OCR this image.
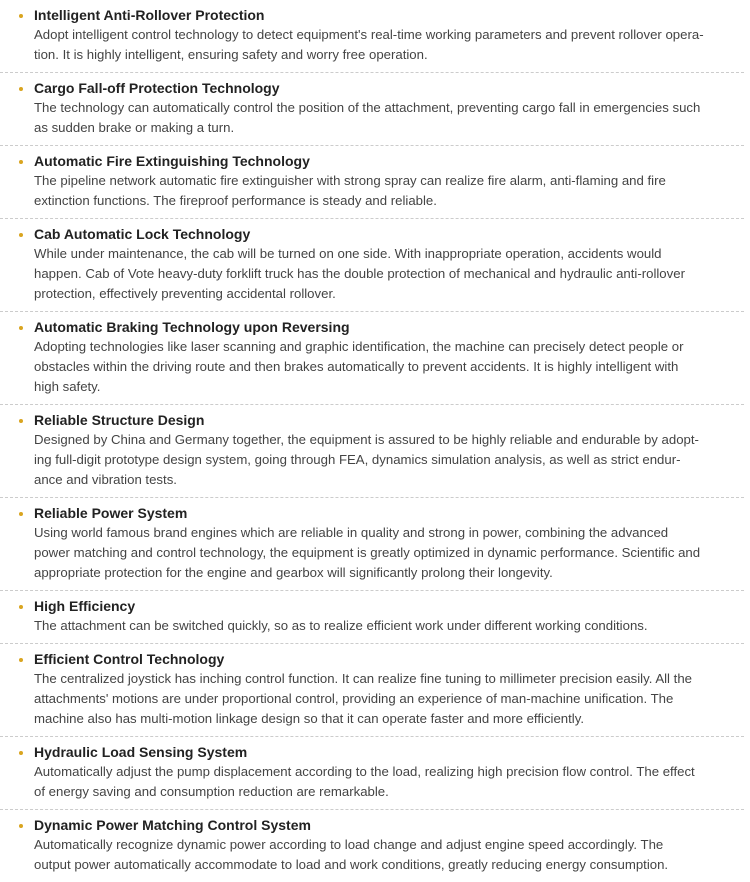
Intelligent Anti-Rollover Protection
Adopt intelligent control technology to detect equipment's real-time working parameters and prevent rollover opera-
tion. It is highly intelligent, ensuring safety and worry free operation.
Cargo Fall-off Protection Technology
The technology can automatically control the position of the attachment, preventing cargo fall in emergencies such
as sudden brake or making a turn.
Automatic Fire Extinguishing Technology
The pipeline network automatic fire extinguisher with strong spray can realize fire alarm, anti-flaming and fire
extinction functions. The fireproof performance is steady and reliable.
Cab Automatic Lock Technology
While under maintenance, the cab will be turned on one side. With inappropriate operation, accidents would
happen. Cab of Vote heavy-duty forklift truck has the double protection of mechanical and hydraulic anti-rollover
protection, effectively preventing accidental rollover.
Automatic Braking Technology upon Reversing
Adopting technologies like laser scanning and graphic identification, the machine can precisely detect people or
obstacles within the driving route and then brakes automatically to prevent accidents. It is highly intelligent with
high safety.
Reliable Structure Design
Designed by China and Germany together, the equipment is assured to be highly reliable and endurable by adopt-
ing full-digit prototype design system, going through FEA, dynamics simulation analysis, as well as strict endur-
ance and vibration tests.
Reliable Power System
Using world famous brand engines which are reliable in quality and strong in power, combining the advanced
power matching and control technology, the equipment is greatly optimized in dynamic performance. Scientific and
appropriate protection for the engine and gearbox will significantly prolong their longevity.
High Efficiency
The attachment can be switched quickly, so as to realize efficient work under different working conditions.
Efficient Control Technology
The centralized joystick has inching control function. It can realize fine tuning to millimeter precision easily. All the
attachments' motions are under proportional control, providing an experience of man-machine unification. The
machine also has multi-motion linkage design so that it can operate faster and more efficiently.
Hydraulic Load Sensing System
Automatically adjust the pump displacement according to the load, realizing high precision flow control. The effect
of energy saving and consumption reduction are remarkable.
Dynamic Power Matching Control System
Automatically recognize dynamic power according to load change and adjust engine speed accordingly. The
output power automatically accommodate to load and work conditions, greatly reducing energy consumption.
